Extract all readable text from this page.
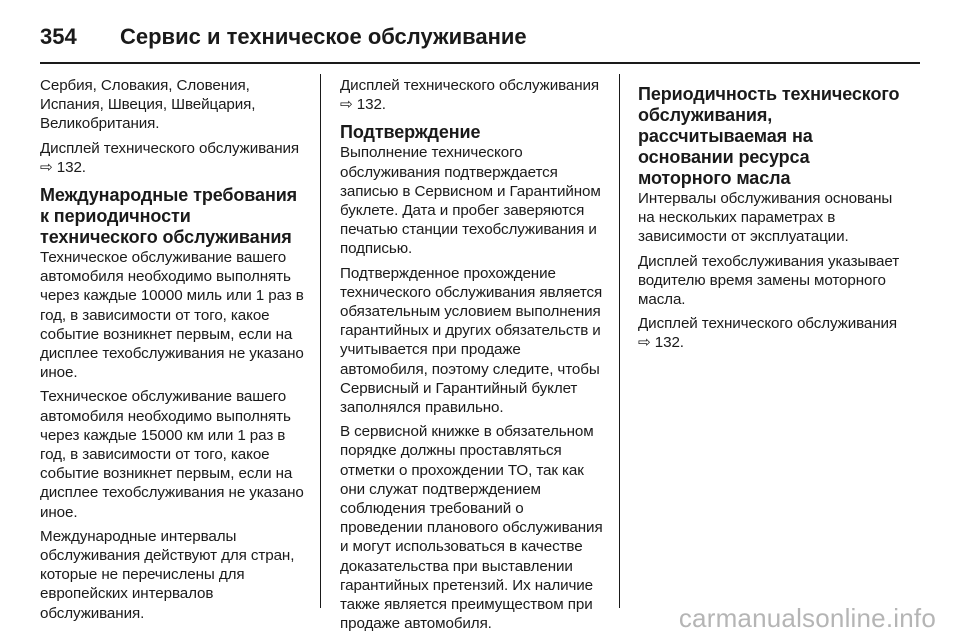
354	Сервис и техническое обслуживание

Сербия, Словакия, Словения, Испания, Швеция, Швейцария, Великобритания.

Дисплей технического обслуживания ⇨ 132.

Международные требования к периодичности технического обслуживания

Техническое обслуживание вашего автомобиля необходимо выполнять через каждые 10000 миль или 1 раз в год, в зависимости от того, какое событие возникнет первым, если на дисплее техобслуживания не указано иное.

Техническое обслуживание вашего автомобиля необходимо выполнять через каждые 15000 км или 1 раз в год, в зависимости от того, какое событие возникнет первым, если на дисплее техобслуживания не указано иное.

Международные интервалы обслуживания действуют для стран, которые не перечислены для европейских интервалов обслуживания.

Дисплей технического обслуживания ⇨ 132.

Подтверждение

Выполнение технического обслуживания подтверждается записью в Сервисном и Гарантийном буклете. Дата и пробег заверяются печатью станции техобслуживания и подписью.

Подтвержденное прохождение технического обслуживания является обязательным условием выполнения гарантийных и других обязательств и учитывается при продаже автомобиля, поэтому следите, чтобы Сервисный и Гарантийный буклет заполнялся правильно.

В сервисной книжке в обязательном порядке должны проставляться отметки о прохождении ТО, так как они служат подтверждением соблюдения требований о проведении планового обслуживания и могут использоваться в качестве доказательства при выставлении гарантийных претензий. Их наличие также является преимуществом при продаже автомобиля.

Периодичность технического обслуживания, рассчитываемая на основании ресурса моторного масла

Интервалы обслуживания основаны на нескольких параметрах в зависимости от эксплуатации.

Дисплей техобслуживания указывает водителю время замены моторного масла.

Дисплей технического обслуживания ⇨ 132.

carmanualsonline.info
